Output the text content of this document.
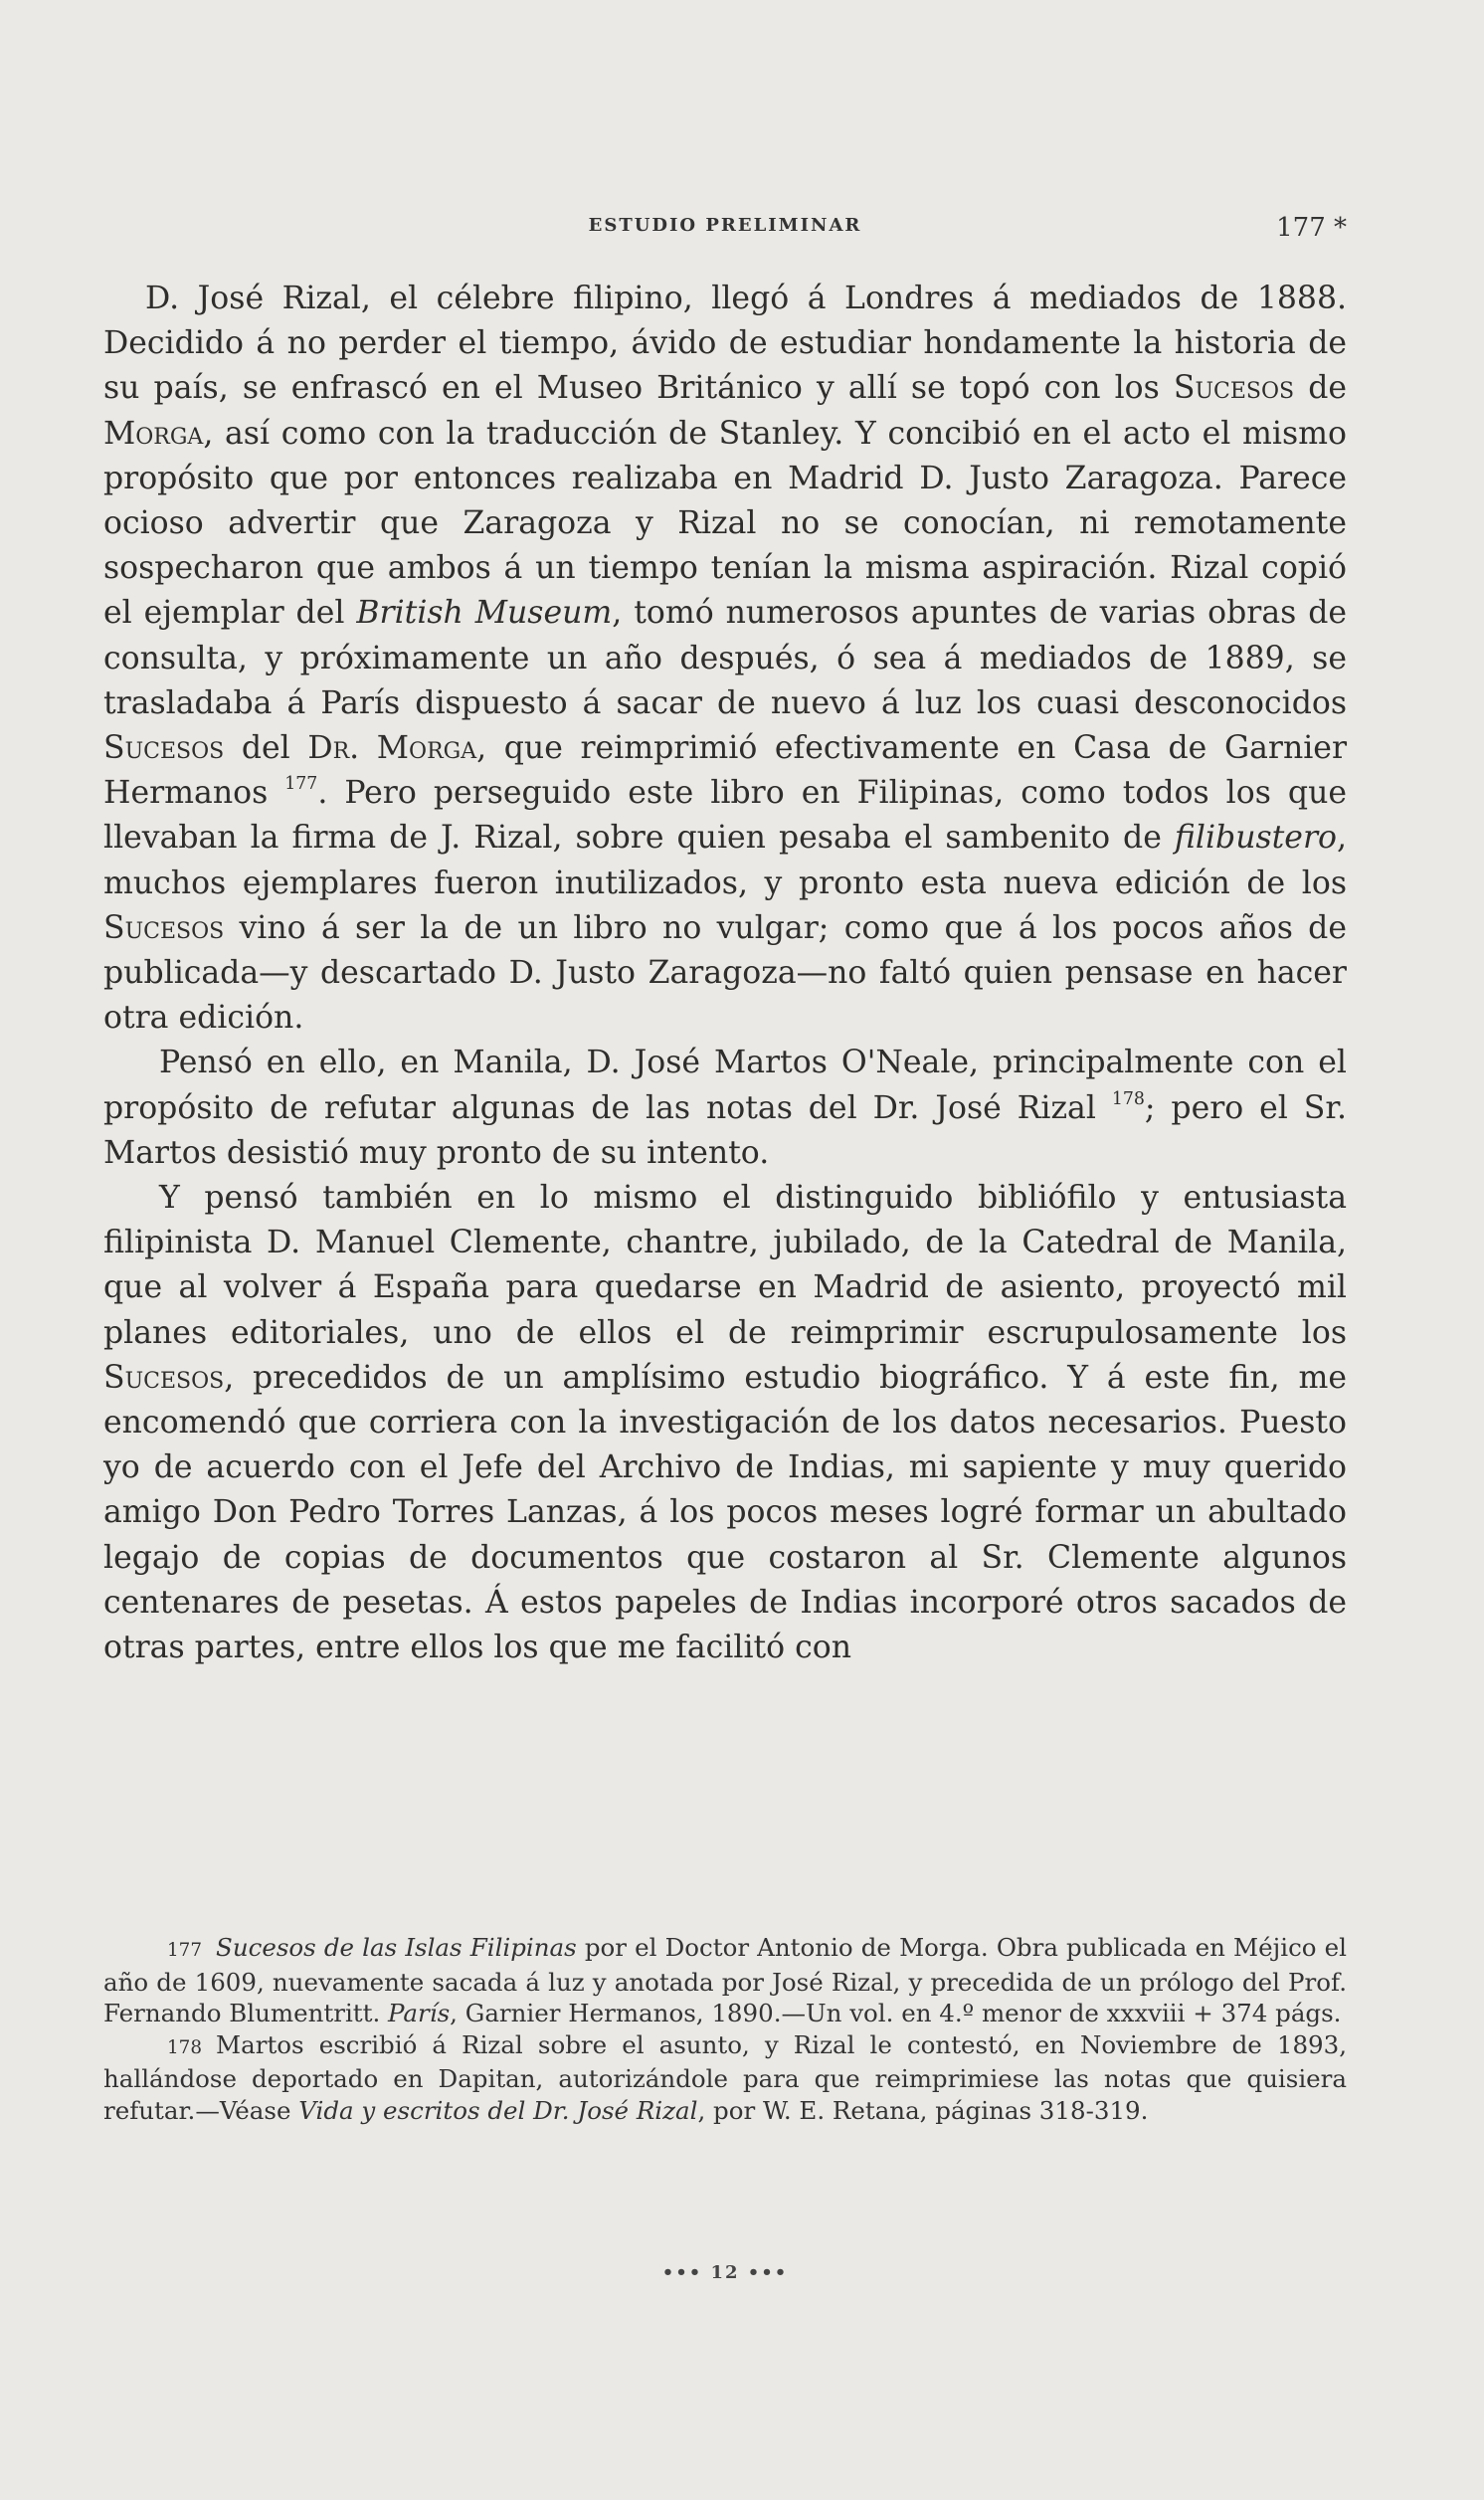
ESTUDIO PRELIMINAR	177 *

D. José Rizal, el célebre filipino, llegó á Londres á mediados de 1888. Decidido á no perder el tiempo, ávido de estudiar hondamente la historia de su país, se enfrascó en el Museo Británico y allí se topó con los Sucesos de Morga, así como con la traducción de Stanley. Y concibió en el acto el mismo propósito que por entonces realizaba en Madrid D. Justo Zaragoza. Parece ocioso advertir que Zaragoza y Rizal no se conocían, ni remotamente sospecharon que ambos á un tiempo tenían la misma aspiración. Rizal copió el ejemplar del British Museum, tomó numerosos apuntes de varias obras de consulta, y próximamente un año después, ó sea á mediados de 1889, se trasladaba á París dispuesto á sacar de nuevo á luz los cuasi desconocidos Sucesos del Dr. Morga, que reimprimió efectivamente en Casa de Garnier Hermanos $^{177}$. Pero perseguido este libro en Filipinas, como todos los que llevaban la firma de J. Rizal, sobre quien pesaba el sambenito de filibustero, muchos ejemplares fueron inutilizados, y pronto esta nueva edición de los Sucesos vino á ser la de un libro no vulgar; como que á los pocos años de publicada—y descartado D. Justo Zaragoza—no faltó quien pensase en hacer otra edición.

Pensó en ello, en Manila, D. José Martos O'Neale, principalmente con el propósito de refutar algunas de las notas del Dr. José Rizal $^{178}$; pero el Sr. Martos desistió muy pronto de su intento.

Y pensó también en lo mismo el distinguido bibliófilo y entusiasta filipinista D. Manuel Clemente, chantre, jubilado, de la Catedral de Manila, que al volver á España para quedarse en Madrid de asiento, proyectó mil planes editoriales, uno de ellos el de reimprimir escrupulosamente los Sucesos, precedidos de un amplísimo estudio biográfico. Y á este fin, me encomendó que corriera con la investigación de los datos necesarios. Puesto yo de acuerdo con el Jefe del Archivo de Indias, mi sapiente y muy querido amigo Don Pedro Torres Lanzas, á los pocos meses logré formar un abultado legajo de copias de documentos que costaron al Sr. Clemente algunos centenares de pesetas. Á estos papeles de Indias incorporé otros sacados de otras partes, entre ellos los que me facilitó con

177 Sucesos de las Islas Filipinas por el Doctor Antonio de Morga. Obra publicada en Méjico el año de 1609, nuevamente sacada á luz y anotada por José Rizal, y precedida de un prólogo del Prof. Fernando Blumentritt. París, Garnier Hermanos, 1890.—Un vol. en 4.º menor de xxxviii + 374 págs.

178 Martos escribió á Rizal sobre el asunto, y Rizal le contestó, en Noviembre de 1893, hallándose deportado en Dapitan, autorizándole para que reimprimiese las notas que quisiera refutar.—Véase Vida y escritos del Dr. José Rizal, por W. E. Retana, páginas 318-319.

••• 12 •••
